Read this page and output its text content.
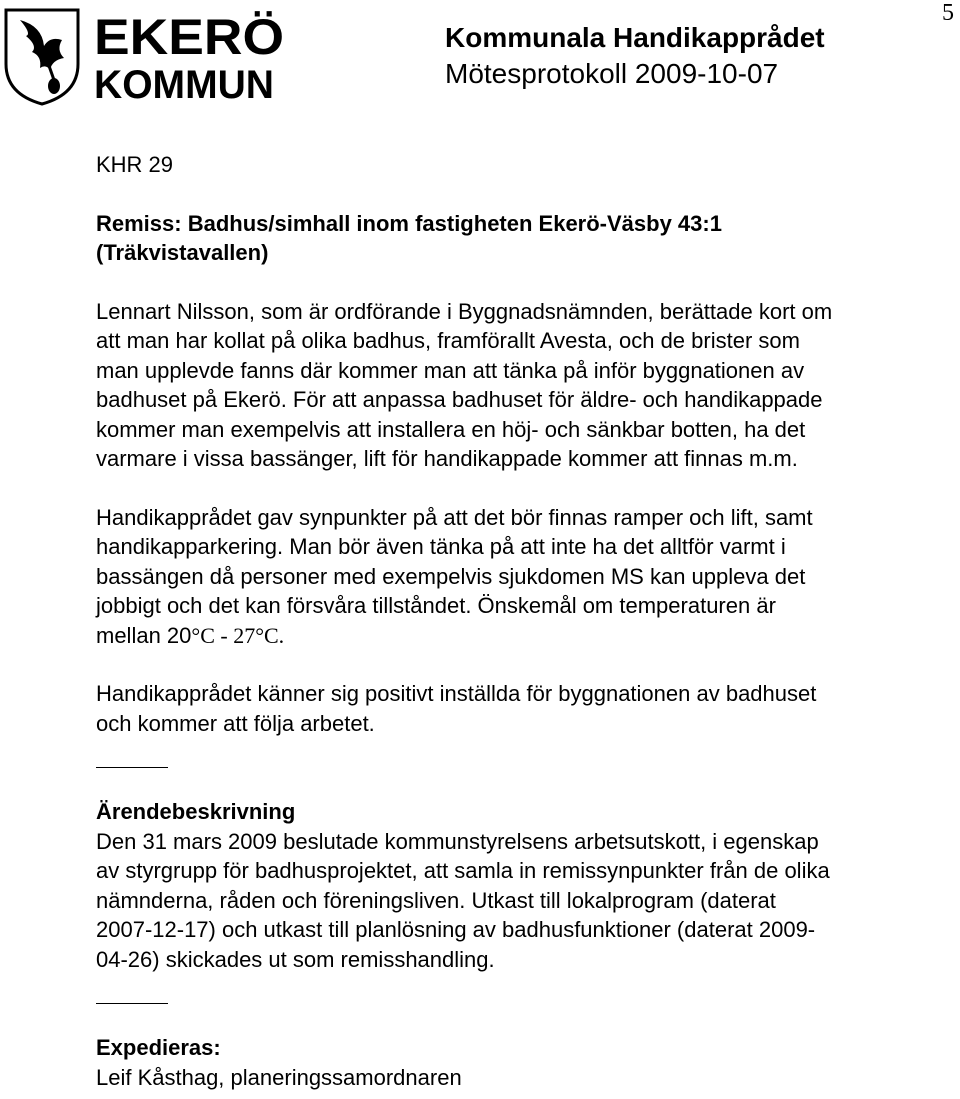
5
EKERÖ
KOMMUN
Kommunala Handikapprådet
Mötesprotokoll 2009-10-07

KHR 29

Remiss: Badhus/simhall inom fastigheten Ekerö-Väsby 43:1
(Träkvistavallen)
Lennart Nilsson, som är ordförande i Byggnadsnämnden, berättade kort om
att man har kollat på olika badhus, framförallt Avesta, och de brister som
man upplevde fanns där kommer man att tänka på inför byggnationen av
badhuset på Ekerö. För att anpassa badhuset för äldre- och handikappade
kommer man exempelvis att installera en höj- och sänkbar botten, ha det
varmare i vissa bassänger, lift för handikappade kommer att finnas m.m.
Handikapprådet gav synpunkter på att det bör finnas ramper och lift, samt
handikapparkering. Man bör även tänka på att inte ha det alltför varmt i
bassängen då personer med exempelvis sjukdomen MS kan uppleva det
jobbigt och det kan försvåra tillståndet. Önskemål om temperaturen är
mellan 20°C - 27°C.
Handikapprådet känner sig positivt inställda för byggnationen av badhuset
och kommer att följa arbetet.
Ärendebeskrivning
Den 31 mars 2009 beslutade kommunstyrelsens arbetsutskott, i egenskap
av styrgrupp för badhusprojektet, att samla in remissynpunkter från de olika
nämnderna, råden och föreningsliven. Utkast till lokalprogram (daterat
2007-12-17) och utkast till planlösning av badhusfunktioner (daterat 2009-
04-26) skickades ut som remisshandling.
Expedieras:
Leif Kåsthag, planeringssamordnaren
